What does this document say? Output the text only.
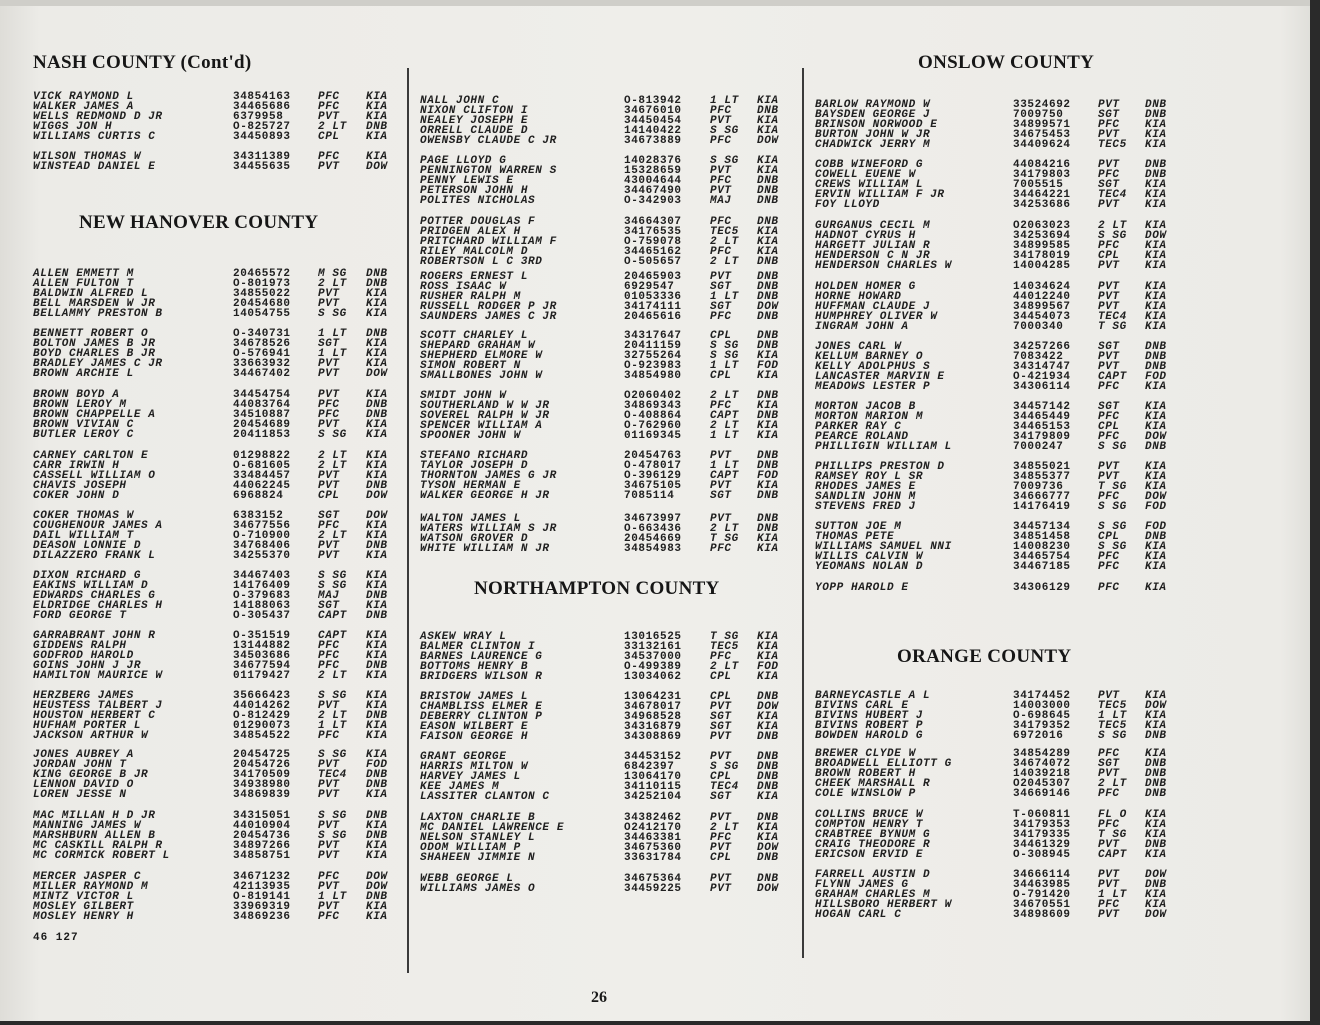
NASH COUNTY (Cont'd)
VICK RAYMOND L	34854163 PFC KIA
WALKER JAMES A	34465686 PFC KIA
WELLS REDMOND D JR	6379958	PVT KIA
WIGGS JON H	O-825727 2 LT DNB
WILLIAMS CURTIS C	34450893 CPL KIA
WILSON THOMAS W	34311389 PFC KIA
WINSTEAD DANIEL E	34455635 PVT DOW
NEW HANOVER COUNTY
ALLEN EMMETT M	20465572 M SG DNB
ALLEN FULTON T	O-801973 2 LT DNB
BALDWIN ALFRED L	34855022 PVT KIA
BELL MARSDEN W JR	20454680 PVT KIA
BELLAMMY PRESTON B	14054755 S SG KIA
BENNETT ROBERT O	O-340731 1 LT DNB
BOLTON JAMES B JR	34678526 SGT KIA
BOYD CHARLES B JR	O-576941 1 LT KIA
BRADLEY JAMES C JR	33663932 PVT KIA
BROWN ARCHIE L	34467402 PVT DOW
BROWN BOYD A	34454754 PVT KIA
BROWN LEROY M	44083764 PFC DNB
BROWN CHAPPELLE A	34510887 PFC DNB
BROWN VIVIAN C	20454689 PVT KIA
BUTLER LEROY C	20411853 S SG KIA
CARNEY CARLTON E	01298822 2 LT KIA
CARR IRWIN H	O-681605 2 LT KIA
CASSELL WILLIAM O	33484457 PVT KIA
CHAVIS JOSEPH	44062245 PVT DNB
COKER JOHN D	6968824	CPL DOW
COKER THOMAS W	6383152	SGT DOW
COUGHENOUR JAMES A	34677556 PFC KIA
DAIL WILLIAM T	O-710900 2 LT KIA
DEASON LONNIE D	34768406 PVT DNB
DILAZZERO FRANK L	34255370 PVT KIA
DIXON RICHARD G	34467403 S SG KIA
EAKINS WILLIAM D	14176409 S SG KIA
EDWARDS CHARLES G	O-379683 MAJ DNB
ELDRIDGE CHARLES H	14188063 SGT KIA
FORD GEORGE T	O-305437 CAPT DNB
GARRABRANT JOHN R	O-351519 CAPT KIA
GIDDENS RALPH	13144882 PFC KIA
GODFROD HAROLD	34503686 PFC KIA
GOINS JOHN J JR	34677594 PFC DNB
HAMILTON MAURICE W	01179427 2 LT KIA
HERZBERG JAMES	35666423 S SG KIA
HEUSTESS TALBERT J	44014262 PVT KIA
HOUSTON HERBERT C	O-812429 2 LT DNB
HUFHAM PORTER L	01290073 1 LT KIA
JACKSON ARTHUR W	34854522 PFC KIA
JONES AUBREY A	20454725 S SG KIA
JORDAN JOHN T	20454726 PVT FOD
KING GEORGE B JR	34170509 TEC4 DNB
LENNON DAVID O	34938980 PVT DNB
LOREN JESSE N	34869839 PVT KIA
MAC MILLAN H D JR	34315051 S SG DNB
MANNING JAMES W	44010904 PVT KIA
MARSHBURN ALLEN B	20454736 S SG DNB
MC CASKILL RALPH R	34897266 PVT KIA
MC CORMICK ROBERT L	34858751 PVT KIA
MERCER JASPER C	34671232 PFC DOW
MILLER RAYMOND M	42113935 PVT DOW
MINTZ VICTOR L	O-819141 1 LT DNB
MOSLEY GILBERT	33969319 PVT KIA
MOSLEY HENRY H	34869236 PFC KIA
NALL JOHN C	O-813942	1 LT KIA
NIXON CLIFTON I	34676010	PFC DNB
NEALEY JOSEPH E	34450454	PVT KIA
ORRELL CLAUDE D	14140422	S SG KIA
OWENSBY CLAUDE C JR	34673889	PFC DOW
PAGE LLOYD G	14028376	S SG KIA
PENNINGTON WARREN S	15328659	PVT KIA
PENNY LEWIS E	43004644	PFC DNB
PETERSON JOHN H	34467490	PVT DNB
POLITES NICHOLAS	O-342903	MAJ DNB
POTTER DOUGLAS F	34664307	PFC DNB
PRIDGEN ALEX H	34176535	TEC5 KIA
PRITCHARD WILLIAM F	O-759078	2 LT KIA
RILEY MALCOLM D	34465162	PFC KIA
ROBERTSON L C 3RD	O-505657	2 LT DNB
ROGERS ERNEST L	20465903	PVT DNB
ROSS ISAAC W	6929547	SGT DNB
RUSHER RALPH M	01053336	1 LT DNB
RUSSELL RODGER P JR	34174111	SGT DOW
SAUNDERS JAMES C JR	20465616	PFC DNB
SCOTT CHARLEY L	34317647	CPL DNB
SHEPARD GRAHAM W	20411159	S SG DNB
SHEPHERD ELMORE W	32755264	S SG KIA
SIMON ROBERT N	O-923983	1 LT FOD
SMALLBONES JOHN W	34854980	CPL KIA
SMIDT JOHN W	O2060402	2 LT DNB
SOUTHERLAND W W JR	34869343	PFC KIA
SOVEREL RALPH W JR	O-408864	CAPT DNB
SPENCER WILLIAM A	O-762960	2 LT KIA
SPOONER JOHN W	01169345	1 LT KIA
STEFANO RICHARD	20454763	PVT DNB
TAYLOR JOSEPH D	O-478017	1 LT DNB
THORNTON JAMES G JR	O-396129	CAPT FOD
TYSON HERMAN E	34675105	PVT KIA
WALKER GEORGE H JR	7085114	SGT DNB
WALTON JAMES L	34673997	PVT DNB
WATERS WILLIAM S JR	O-663436	2 LT DNB
WATSON GROVER D	20454669	T SG KIA
WHITE WILLIAM N JR	34854983	PFC KIA
NORTHAMPTON COUNTY
ASKEW WRAY L	13016525	T SG KIA
BALMER CLINTON I	33132161	TEC5 KIA
BARNES LAURENCE G	34537000	PFC KIA
BOTTOMS HENRY B	O-499389	2 LT FOD
BRIDGERS WILSON R	13034062	CPL KIA
BRISTOW JAMES L	13064231	CPL DNB
CHAMBLISS ELMER E	34678017	PVT DOW
DEBERRY CLINTON P	34968528	SGT KIA
EASON WILBERT E	34316879	SGT KIA
FAISON GEORGE H	34308869	PVT DNB
GRANT GEORGE	34453152	PVT DNB
HARRIS MILTON W	6842397	S SG DNB
HARVEY JAMES L	13064170	CPL DNB
KEE JAMES M	34110115	TEC4 DNB
LASSITER CLANTON C	34252104	SGT KIA
LAXTON CHARLIE B	34382462	PVT DNB
MC DANIEL LAWRENCE E	O2412170	2 LT KIA
NELSON STANLEY L	34463381	PFC KIA
ODOM WILLIAM P	34675360	PVT DOW
SHAHEEN JIMMIE N	33631784	CPL DNB
WEBB GEORGE L	34675364	PVT DNB
WILLIAMS JAMES O	34459225	PVT DOW
ONSLOW COUNTY
BARLOW RAYMOND W	33524692 PVT DNB
BAYSDEN GEORGE J	7009750	SGT DNB
BRINSON NORWOOD E	34899571 PFC KIA
BURTON JOHN W JR	34675453 PVT KIA
CHADWICK JERRY M	34409624 TEC5 KIA
COBB WINEFORD G	44084216 PVT DNB
COWELL EUENE W	34179803 PFC DNB
CREWS WILLIAM L	7005515	SGT KIA
ERVIN WILLIAM F JR	34464221 TEC4 KIA
FOY LLOYD	34253686 PVT KIA
GURGANUS CECIL M	O2063023 2 LT KIA
HADNOT CYRUS H	34253694 S SG DOW
HARGETT JULIAN R	34899585 PFC KIA
HENDERSON C N JR	34178019 CPL KIA
HENDERSON CHARLES W	14004285 PVT KIA
HOLDEN HOMER G	14034624 PVT KIA
HORNE HOWARD	44012240 PVT KIA
HUFFMAN CLAUDE J	34899567 PVT KIA
HUMPHREY OLIVER W	34454073 TEC4 KIA
INGRAM JOHN A	7000340	T SG KIA
JONES CARL W	34257266 SGT DNB
KELLUM BARNEY O	7083422	PVT DNB
KELLY ADOLPHUS S	34314747 PVT DNB
LANCASTER MARVIN E	O-421934 CAPT FOD
MEADOWS LESTER P	34306114 PFC KIA
MORTON JACOB B	34457142 SGT KIA
MORTON MARION M	34465449 PFC KIA
PARKER RAY C	34465153 CPL KIA
PEARCE ROLAND	34179809 PFC DOW
PHILLIGIN WILLIAM L	7000247	S SG DNB
PHILLIPS PRESTON D	34855021 PVT KIA
RAMSEY ROY L SR	34855377 PVT KIA
RHODES JAMES E	7009736	T SG KIA
SANDLIN JOHN M	34666777 PFC DOW
STEVENS FRED J	14176419 S SG FOD
SUTTON JOE M	34457134 S SG FOD
THOMAS PETE	34851458 CPL DNB
WILLIAMS SAMUEL NNI	14008230 S SG KIA
WILLIS CALVIN W	34465754 PFC KIA
YEOMANS NOLAN D	34467185 PFC KIA
YOPP HAROLD E	34306129 PFC KIA
ORANGE COUNTY
BARNEYCASTLE A L	34174452 PVT KIA
BIVINS CARL E	14003000 TEC5 DOW
BIVINS HUBERT J	O-698645 1 LT KIA
BIVINS ROBERT P	34179352 TEC5 KIA
BOWDEN HAROLD G	6972016	S SG DNB
BREWER CLYDE W	34854289 PFC KIA
BROADWELL ELLIOTT G	34674072 SGT DNB
BROWN ROBERT H	14039218 PVT DNB
CHEEK MARSHALL R	O2045307 2 LT DNB
COLE WINSLOW P	34669146 PFC DNB
COLLINS BRUCE W	T-060811 FL O KIA
COMPTON HENRY T	34179353 PFC KIA
CRABTREE BYNUM G	34179335 T SG KIA
CRAIG THEODORE R	34461329 PVT DNB
ERICSON ERVID E	O-308945 CAPT KIA
FARRELL AUSTIN D	34666114 PVT DOW
FLYNN JAMES G	34463985 PVT DNB
GRAHAM CHARLES M	O-791420 1 LT KIA
HILLSBORO HERBERT W	34670551 PFC KIA
HOGAN CARL C	34898609 PVT DOW
46 127
26
